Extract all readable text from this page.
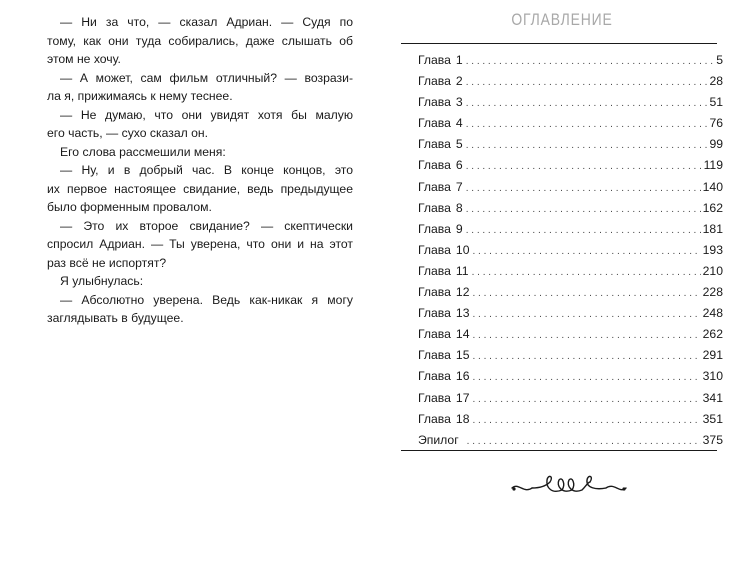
— Ни за что, — сказал Адриан. — Судя по
тому, как они туда собирались, даже слышать об
этом не хочу.
— А может, сам фильм отличный? — возрази-
ла я, прижимаясь к нему теснее.
— Не думаю, что они увидят хотя бы малую
его часть, — сухо сказал он.
Его слова рассмешили меня:
— Ну, и в добрый час. В конце концов, это
их первое настоящее свидание, ведь предыдущее
было форменным провалом.
— Это их второе свидание? — скептически
спросил Адриан. — Ты уверена, что они и на этот
раз всё не испортят?
Я улыбнулась:
— Абсолютно уверена. Ведь как-никак я могу
заглядывать в будущее.
ОГЛАВЛЕНИЕ
Глава 1 . . .	5
Глава 2 . . .	28
Глава 3 . . .	51
Глава 4 . . .	76
Глава 5 . . .	99
Глава 6 . . .	119
Глава 7 . . .	140
Глава 8 . . .	162
Глава 9 . . .	181
Глава 10 . . .	193
Глава 11 . . .	210
Глава 12 . . .	228
Глава 13 . . .	248
Глава 14 . . .	262
Глава 15 . . .	291
Глава 16 . . .	310
Глава 17 . . .	341
Глава 18 . . .	351
Эпилог . . .	375
